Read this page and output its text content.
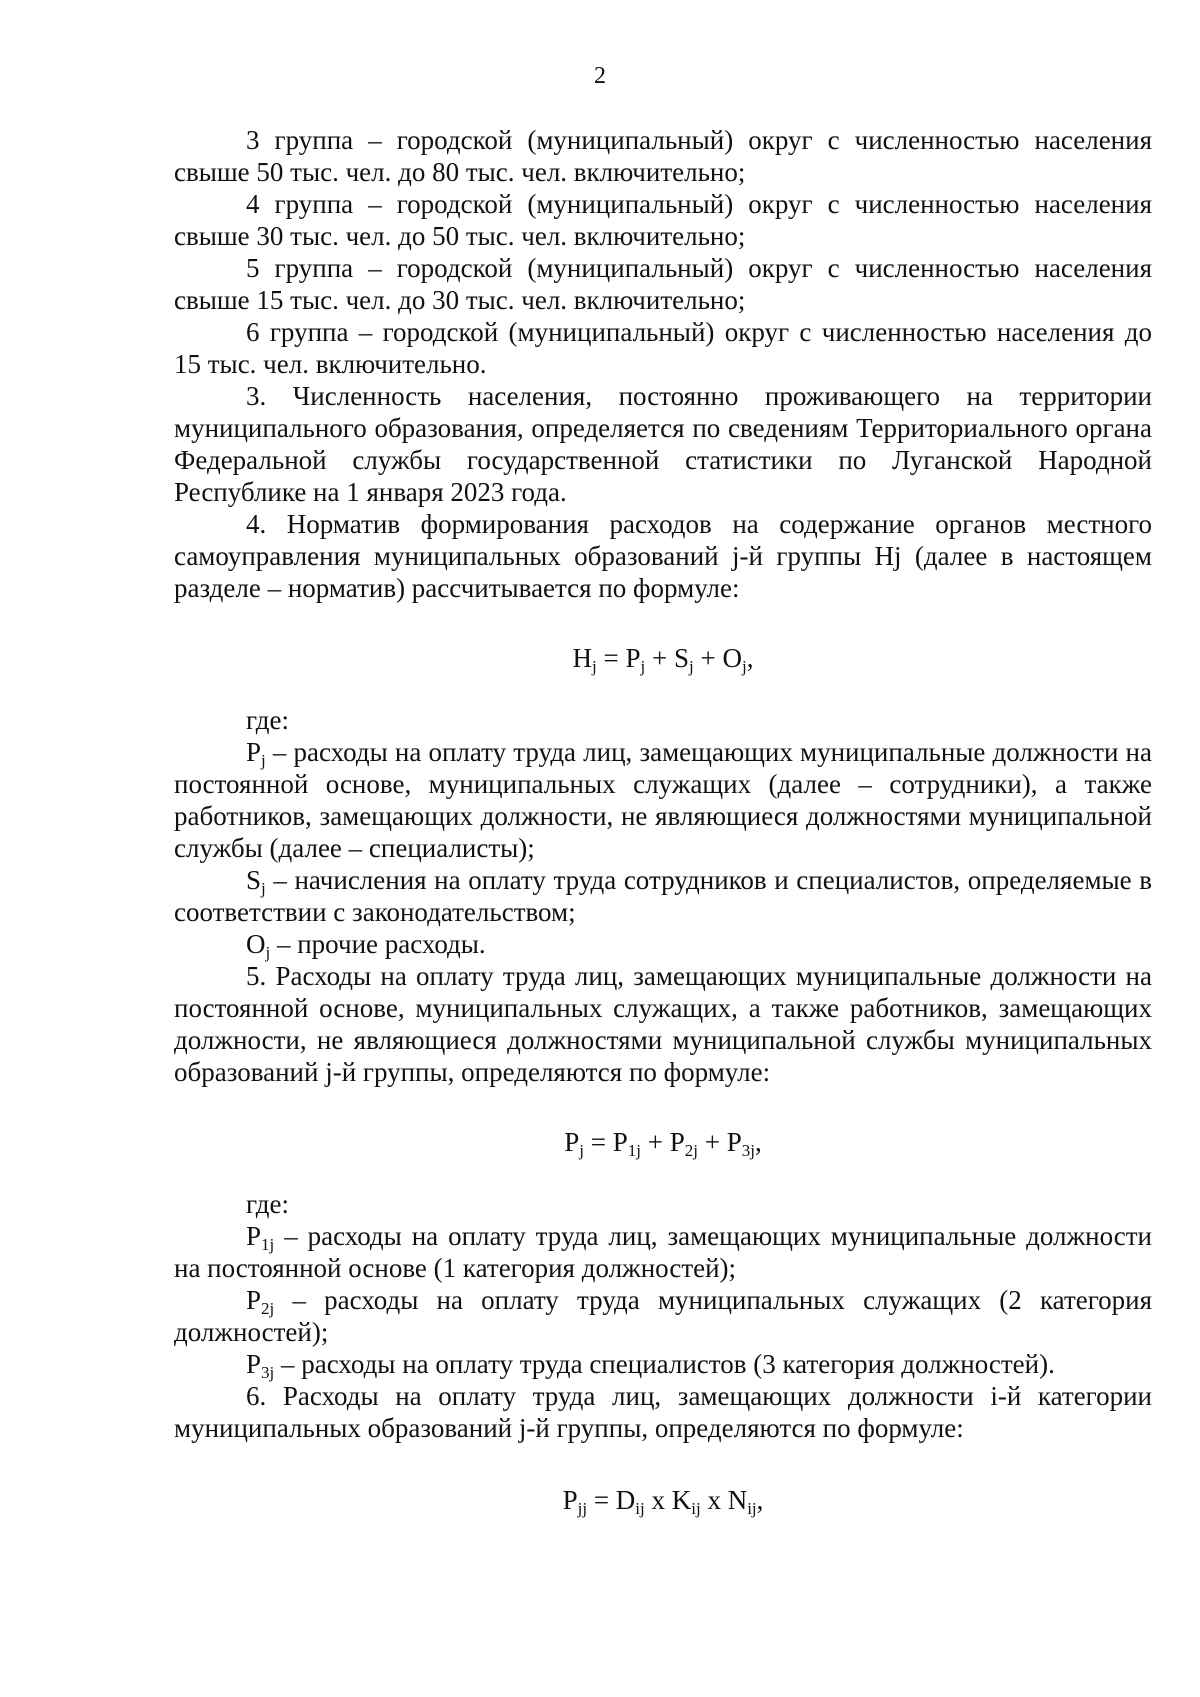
2

3 группа – городской (муниципальный) округ с численностью населения свыше 50 тыс. чел. до 80 тыс. чел. включительно;

4 группа – городской (муниципальный) округ с численностью населения свыше 30 тыс. чел. до 50 тыс. чел. включительно;

5 группа – городской (муниципальный) округ с численностью населения свыше 15 тыс. чел. до 30 тыс. чел. включительно;

6 группа – городской (муниципальный) округ с численностью населения до 15 тыс. чел. включительно.

3. Численность населения, постоянно проживающего на территории муниципального образования, определяется по сведениям Территориального органа Федеральной службы государственной статистики по Луганской Народной Республике на 1 января 2023 года.

4. Норматив формирования расходов на содержание органов местного самоуправления муниципальных образований j-й группы Hj (далее в настоящем разделе – норматив) рассчитывается по формуле:

$H_j = P_j + S_j + O_j$,

где:

$P_j$ – расходы на оплату труда лиц, замещающих муниципальные должности на постоянной основе, муниципальных служащих (далее – сотрудники), а также работников, замещающих должности, не являющиеся должностями муниципальной службы (далее – специалисты);

$S_j$ – начисления на оплату труда сотрудников и специалистов, определяемые в соответствии с законодательством;

$O_j$ – прочие расходы.

5. Расходы на оплату труда лиц, замещающих муниципальные должности на постоянной основе, муниципальных служащих, а также работников, замещающих должности, не являющиеся должностями муниципальной службы муниципальных образований j-й группы, определяются по формуле:

$P_j = P_{1j} + P_{2j} + P_{3j}$,

где:

$P_{1j}$ – расходы на оплату труда лиц, замещающих муниципальные должности на постоянной основе (1 категория должностей);

$P_{2j}$ – расходы на оплату труда муниципальных служащих (2 категория должностей);

$P_{3j}$ – расходы на оплату труда специалистов (3 категория должностей).

6. Расходы на оплату труда лиц, замещающих должности i-й категории муниципальных образований j-й группы, определяются по формуле:

$P_{jj} = D_{ij}$ x $K_{ij}$ x $N_{ij}$,
